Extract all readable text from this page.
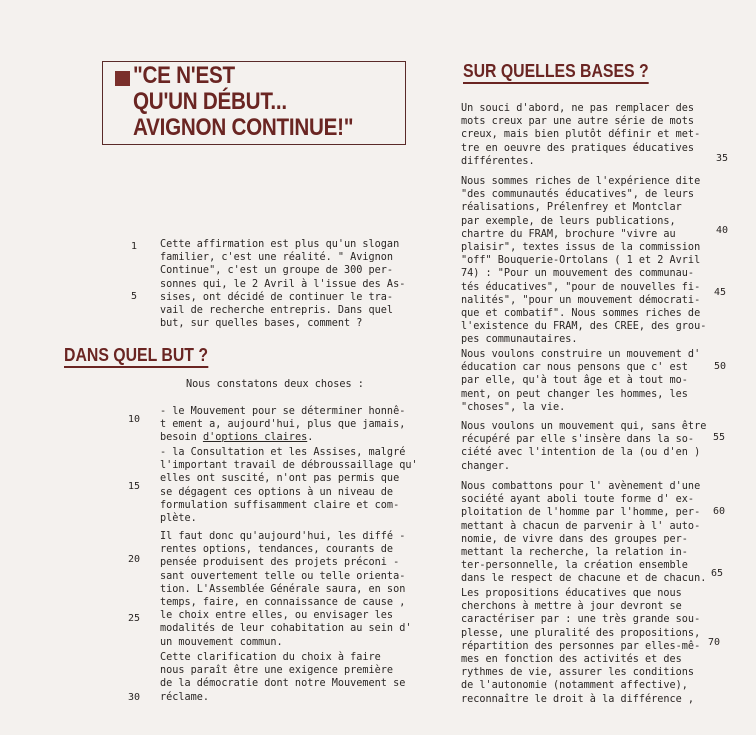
"CE N'EST
QU'UN DÉBUT...
AVIGNON CONTINUE!"
Cette affirmation est plus qu'un slogan
familier, c'est une réalité. " Avignon
Continue", c'est un groupe de 300 per-
sonnes qui, le 2 Avril à l'issue des As-
sises, ont décidé de continuer le tra-
vail de recherche entrepris. Dans quel
but, sur quelles bases, comment ?
DANS QUEL BUT ?
Nous constatons deux choses :
- le Mouvement pour se déterminer honnê-
t ement a, aujourd'hui, plus que jamais,
besoin d'options claires.
- la Consultation et les Assises, malgré
l'important travail de débroussaillage qu'
elles ont suscité, n'ont pas permis que
se dégagent ces options à un niveau de
formulation suffisamment claire et com-
plète.
Il faut donc qu'aujourd'hui, les diffé -
rentes options, tendances, courants de
pensée produisent des projets préconi -
sant ouvertement telle ou telle orienta-
tion. L'Assemblée Générale saura, en son
temps, faire, en connaissance de cause ,
le choix entre elles, ou envisager les
modalités de leur cohabitation au sein d'
un mouvement commun.
Cette clarification du choix à faire
nous paraît être une exigence première
de la démocratie dont notre Mouvement se
réclame.
1
5
10
15
20
25
30
SUR QUELLES BASES ?
Un souci d'abord, ne pas remplacer des
mots creux par une autre série de mots
creux, mais bien plutôt définir et met-
tre en oeuvre des pratiques éducatives
différentes.
Nous sommes riches de l'expérience dite
"des communautés éducatives", de leurs
réalisations, Prélenfrey et Montclar
par exemple, de leurs publications,
chartre du FRAM, brochure "vivre au
plaisir", textes issus de la commission
"off" Bouquerie-Ortolans ( 1 et 2 Avril
74) : "Pour un mouvement des communau-
tés éducatives", "pour de nouvelles fi-
nalités", "pour un mouvement démocrati-
que et combatif". Nous sommes riches de
l'existence du FRAM, des CREE, des grou-
pes communautaires.
Nous voulons construire un mouvement d'
éducation car nous pensons que c' est
par elle, qu'à tout âge et à tout mo-
ment, on peut changer les hommes, les
"choses", la vie.
Nous voulons un mouvement qui, sans être
récupéré par elle s'insère dans la so-
ciété avec l'intention de la (ou d'en )
changer.
Nous combattons pour l' avènement d'une
société ayant aboli toute forme d' ex-
ploitation de l'homme par l'homme, per-
mettant à chacun de parvenir à l' auto-
nomie, de vivre dans des groupes per-
mettant la recherche, la relation in-
ter-personnelle, la création ensemble
dans le respect de chacune et de chacun.
Les propositions éducatives que nous
cherchons à mettre à jour devront se
caractériser par : une très grande sou-
plesse, une pluralité des propositions,
répartition des personnes par elles-mê-
mes en fonction des activités et des
rythmes de vie, assurer les conditions
de l'autonomie (notamment affective),
reconnaître le droit à la différence ,
35
40
45
50
55
60
65
70
